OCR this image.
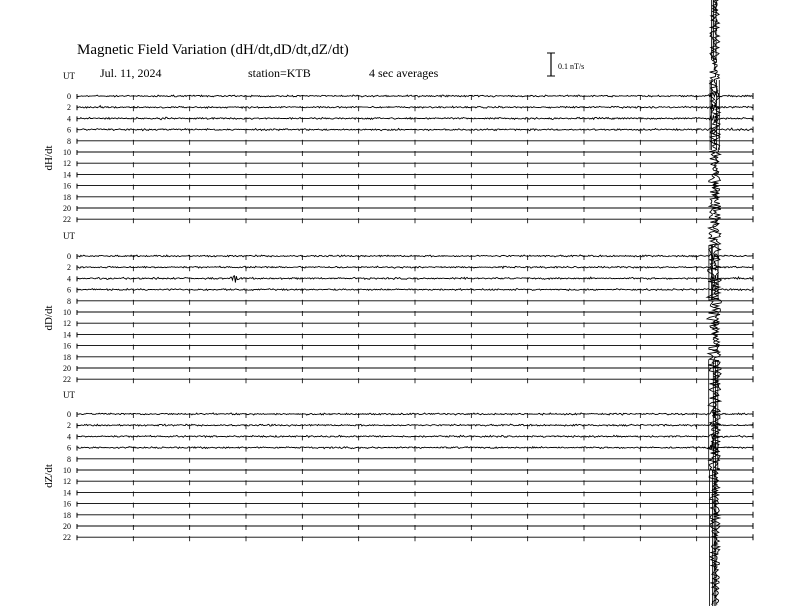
Magnetic Field Variation (dH/dt,dD/dt,dZ/dt)
Jul. 11, 2024	station=KTB	4 sec averages	0.1 nT/s
UT
dH/dt
0
2
4
6
8
10
12
14
16
18
20
22
UT
dD/dt
0
2
4
6
8
10
12
14
16
18
20
22
UT
dZ/dt
0
2
4
6
8
10
12
14
16
18
20
22
